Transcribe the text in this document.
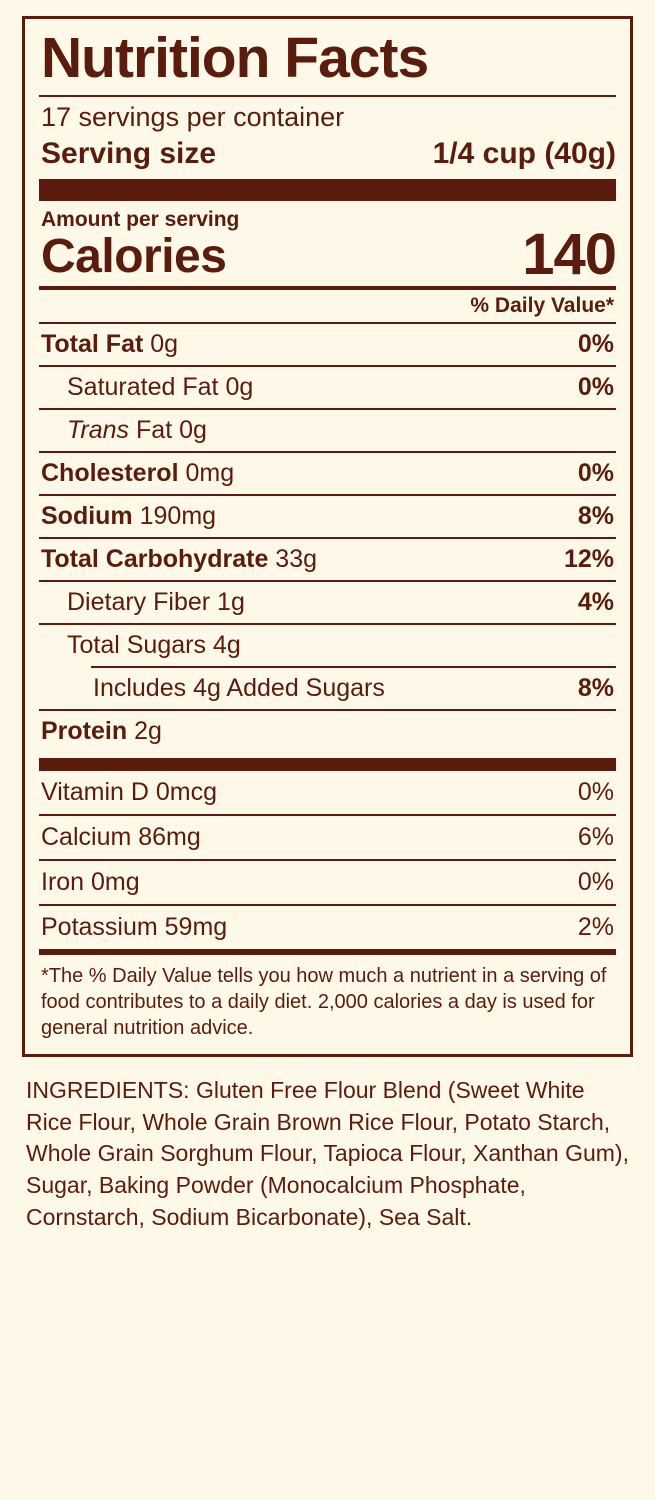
Nutrition Facts
17 servings per container
Serving size	1/4 cup (40g)
Amount per serving
Calories	140
% Daily Value*
Total Fat 0g	0%
Saturated Fat 0g	0%
Trans Fat 0g
Cholesterol 0mg	0%
Sodium 190mg	8%
Total Carbohydrate 33g	12%
Dietary Fiber 1g	4%
Total Sugars 4g
Includes 4g Added Sugars	8%
Protein 2g
Vitamin D 0mcg	0%
Calcium 86mg	6%
Iron 0mg	0%
Potassium 59mg	2%
*The % Daily Value tells you how much a nutrient in a serving of food contributes to a daily diet. 2,000 calories a day is used for general nutrition advice.
INGREDIENTS: Gluten Free Flour Blend (Sweet White Rice Flour, Whole Grain Brown Rice Flour, Potato Starch, Whole Grain Sorghum Flour, Tapioca Flour, Xanthan Gum), Sugar, Baking Powder (Monocalcium Phosphate, Cornstarch, Sodium Bicarbonate), Sea Salt.
